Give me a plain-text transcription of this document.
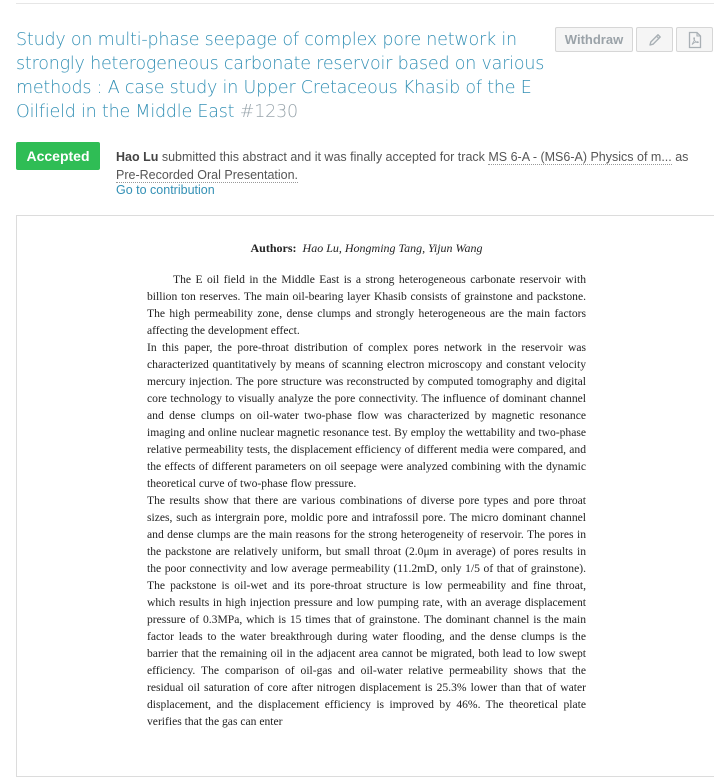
Study on multi-phase seepage of complex pore network in strongly heterogeneous carbonate reservoir based on various methods : A case study in Upper Cretaceous Khasib of the E Oilfield in the Middle East #1230
Withdraw
Accepted	Hao Lu submitted this abstract and it was finally accepted for track MS 6-A - (MS6-A) Physics of m... as
Pre-Recorded Oral Presentation.
Go to contribution
Authors: Hao Lu, Hongming Tang, Yijun Wang

The E oil field in the Middle East is a strong heterogeneous carbonate reservoir with billion ton reserves. The main oil-bearing layer Khasib consists of grainstone and packstone. The high permeability zone, dense clumps and strongly heterogeneous are the main factors affecting the development effect.

In this paper, the pore-throat distribution of complex pores network in the reservoir was characterized quantitatively by means of scanning electron microscopy and constant velocity mercury injection. The pore structure was reconstructed by computed tomography and digital core technology to visually analyze the pore connectivity. The influence of dominant channel and dense clumps on oil-water two-phase flow was characterized by magnetic resonance imaging and online nuclear magnetic resonance test. By employ the wettability and two-phase relative permeability tests, the displacement efficiency of different media were compared, and the effects of different parameters on oil seepage were analyzed combining with the dynamic theoretical curve of two-phase flow pressure.

The results show that there are various combinations of diverse pore types and pore throat sizes, such as intergrain pore, moldic pore and intrafossil pore. The micro dominant channel and dense clumps are the main reasons for the strong heterogeneity of reservoir. The pores in the packstone are relatively uniform, but small throat (2.0μm in average) of pores results in the poor connectivity and low average permeability (11.2mD, only 1/5 of that of grainstone). The packstone is oil-wet and its pore-throat structure is low permeability and fine throat, which results in high injection pressure and low pumping rate, with an average displacement pressure of 0.3MPa, which is 15 times that of grainstone. The dominant channel is the main factor leads to the water breakthrough during water flooding, and the dense clumps is the barrier that the remaining oil in the adjacent area cannot be migrated, both lead to low swept efficiency. The comparison of oil-gas and oil-water relative permeability shows that the residual oil saturation of core after nitrogen displacement is 25.3% lower than that of water displacement, and the displacement efficiency is improved by 46%. The theoretical plate verifies that the gas can enter
